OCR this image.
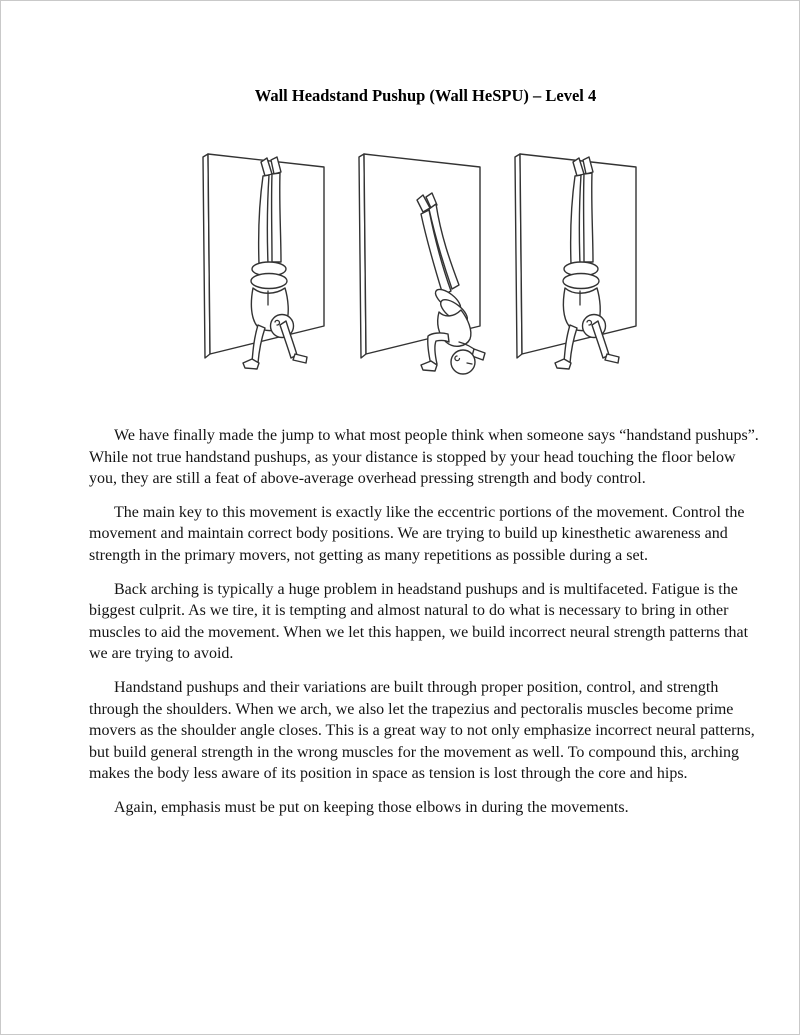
Wall Headstand Pushup (Wall HeSPU) – Level 4

We have finally made the jump to what most people think when someone says “handstand pushups”. While not true handstand pushups, as your distance is stopped by your head touching the floor below you, they are still a feat of above-average overhead pressing strength and body control.

The main key to this movement is exactly like the eccentric portions of the movement. Control the movement and maintain correct body positions. We are trying to build up kinesthetic awareness and strength in the primary movers, not getting as many repetitions as possible during a set.

Back arching is typically a huge problem in headstand pushups and is multifaceted. Fatigue is the biggest culprit. As we tire, it is tempting and almost natural to do what is necessary to bring in other muscles to aid the movement. When we let this happen, we build incorrect neural strength patterns that we are trying to avoid.

Handstand pushups and their variations are built through proper position, control, and strength through the shoulders. When we arch, we also let the trapezius and pectoralis muscles become prime movers as the shoulder angle closes. This is a great way to not only emphasize incorrect neural patterns, but build general strength in the wrong muscles for the movement as well. To compound this, arching makes the body less aware of its position in space as tension is lost through the core and hips.

Again, emphasis must be put on keeping those elbows in during the movements.
